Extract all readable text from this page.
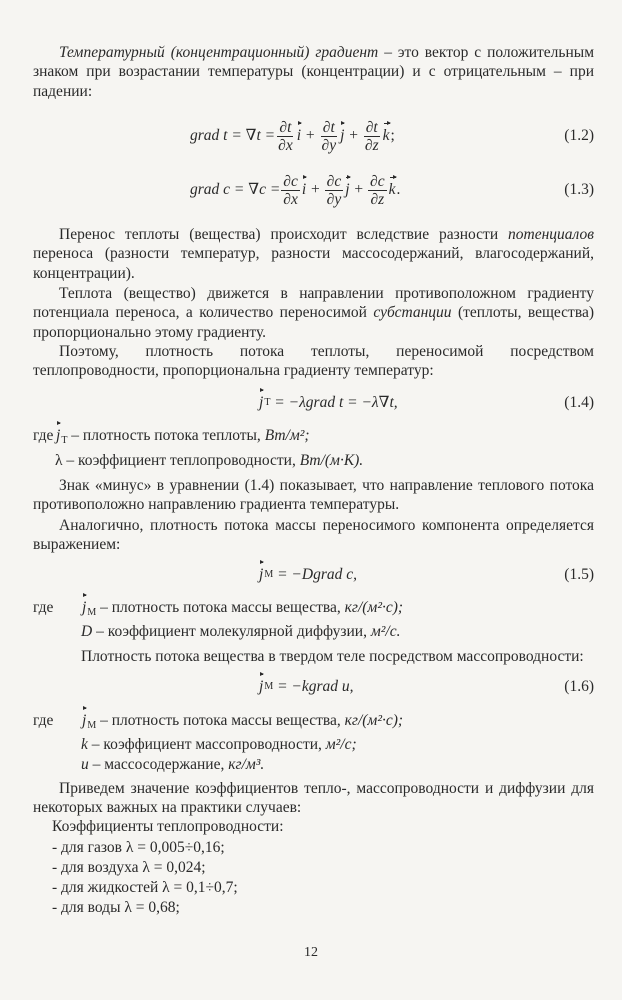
Температурный (концентрационный) градиент – это вектор с положительным знаком при возрастании температуры (концентрации) и с отрицательным – при падении:

grad $t = \nabla t = \frac{\partial t}{\partial x}$ $i + \frac{\partial t}{\partial y}$ $j + \frac{\partial t}{\partial z}$ k ;	(1.2)
grad $c = \nabla c = \frac{\partial c}{\partial x}$ $i + \frac{\partial c}{\partial y}$ $j + \frac{\partial c}{\partial z}$ k .	(1.3)

Перенос теплоты (вещества) происходит вследствие разности потенциалов переноса (разности температур, разности массосодержаний, влагосодержаний, концентрации).

Теплота (вещество) движется в направлении противоположном градиенту потенциала переноса, а количество переносимой субстанции (теплоты, вещества) пропорционально этому градиенту.

Поэтому, плотность потока теплоты, переносимой посредством теплопроводности, пропорциональна градиенту температур:

j Т = −λgrad t = −λ∇t,	(1.4)
где $j_Т$ – плотность потока теплоты, Вт/м²;
λ – коэффициент теплопроводности, Вт/(м·К).

Знак «минус» в уравнении (1.4) показывает, что направление теплового потока противоположно направлению градиента температуры.

Аналогично, плотность потока массы переносимого компонента определяется выражением:

j М = −Dgrad c,	(1.5)
где $j_М$ – плотность потока массы вещества, кг/(м²·с);
D – коэффициент молекулярной диффузии, м²/с.

Плотность потока вещества в твердом теле посредством массопроводности:

j М = −kgrad u,	(1.6)
где $j_М$ – плотность потока массы вещества, кг/(м²·с);
k – коэффициент массопроводности, м²/с;
u – массосодержание, кг/м³.

Приведем значение коэффициентов тепло-, массопроводности и диффузии для некоторых важных на практики случаев:

Коэффициенты теплопроводности:
- для газов λ = 0,005÷0,16;
- для воздуха λ = 0,024;
- для жидкостей λ = 0,1÷0,7;
- для воды λ = 0,68;
12
